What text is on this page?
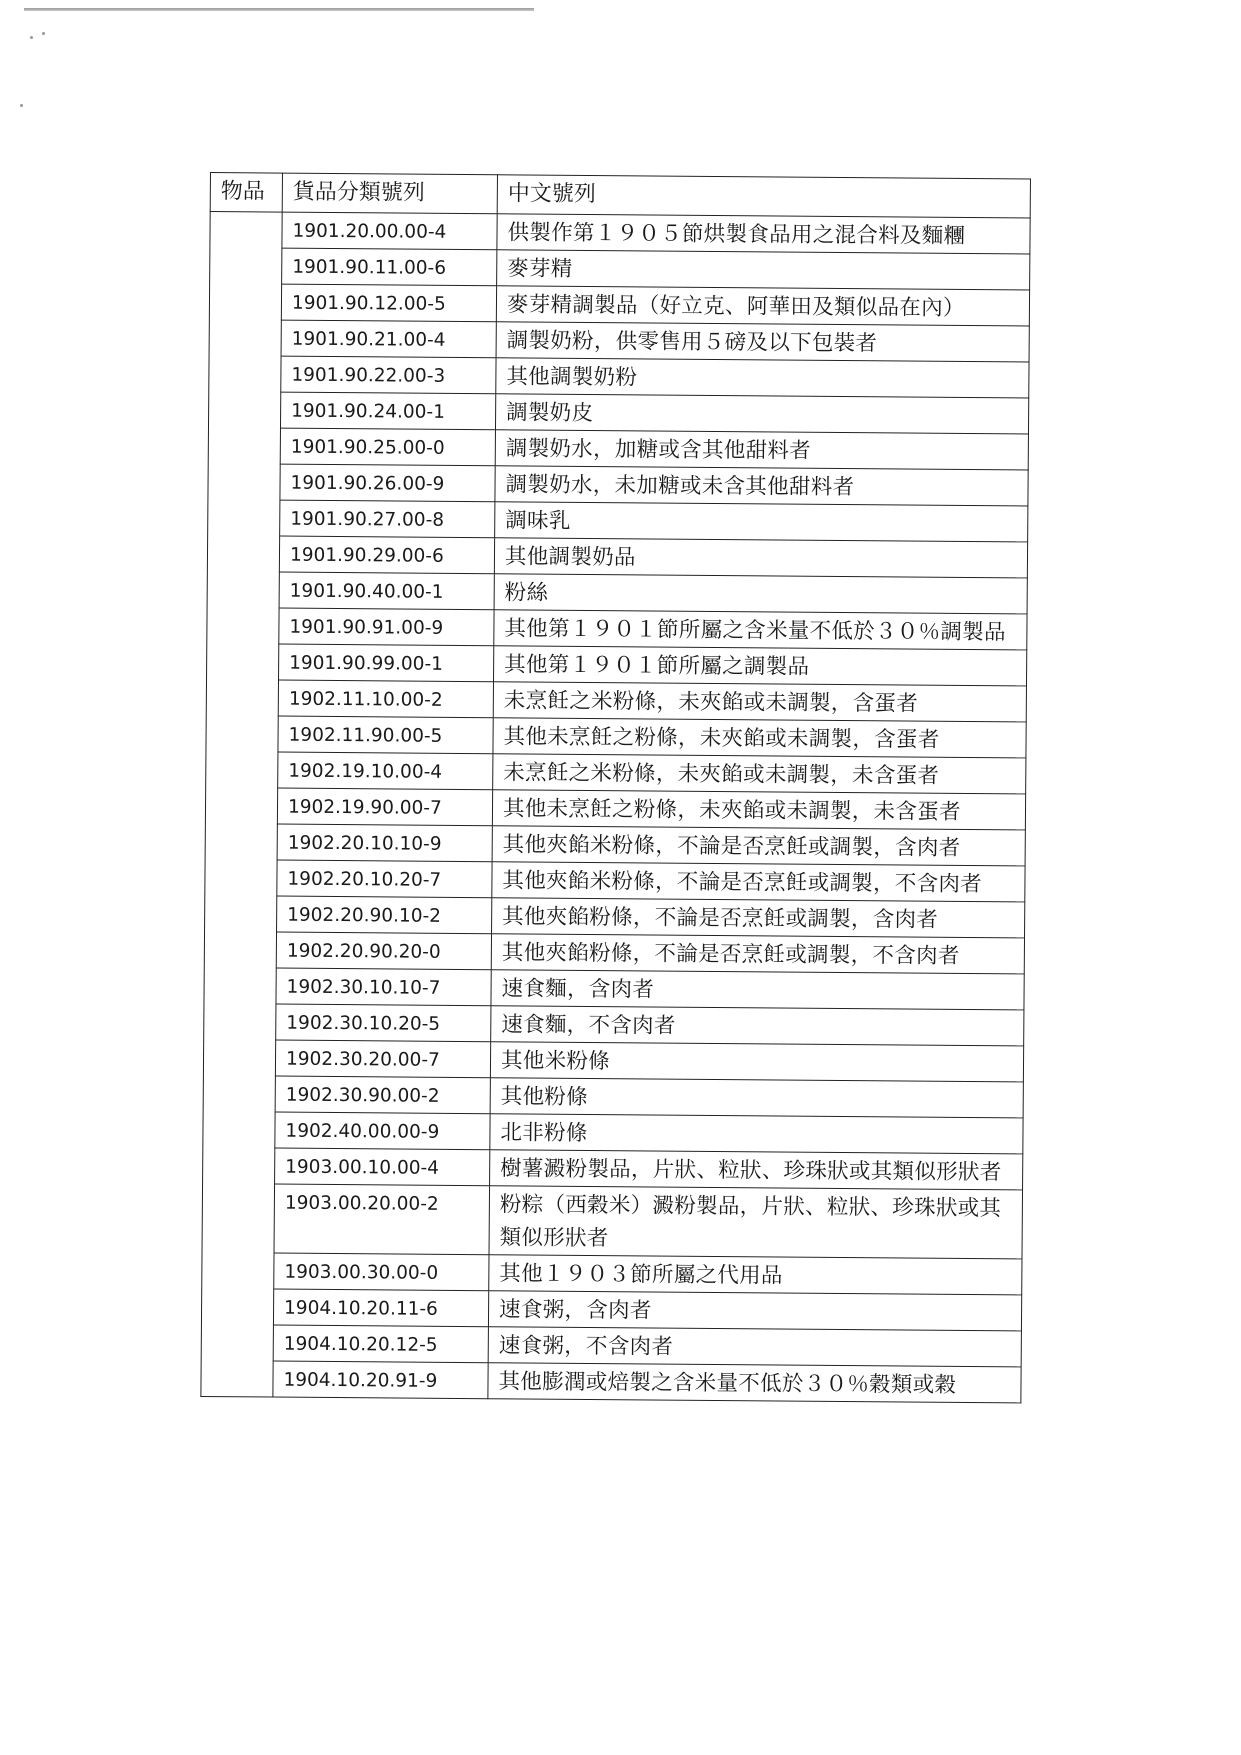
物品	貨品分類號列	中文號列
	1901.20.00.00-4	供製作第１９０５節烘製食品用之混合料及麵糰
	1901.90.11.00-6	麥芽精
	1901.90.12.00-5	麥芽精調製品（好立克、阿華田及類似品在內）
	1901.90.21.00-4	調製奶粉，供零售用５磅及以下包裝者
	1901.90.22.00-3	其他調製奶粉
	1901.90.24.00-1	調製奶皮
	1901.90.25.00-0	調製奶水，加糖或含其他甜料者
	1901.90.26.00-9	調製奶水，未加糖或未含其他甜料者
	1901.90.27.00-8	調味乳
	1901.90.29.00-6	其他調製奶品
	1901.90.40.00-1	粉絲
	1901.90.91.00-9	其他第１９０１節所屬之含米量不低於３０％調製品
	1901.90.99.00-1	其他第１９０１節所屬之調製品
	1902.11.10.00-2	未烹飪之米粉條，未夾餡或未調製，含蛋者
	1902.11.90.00-5	其他未烹飪之粉條，未夾餡或未調製，含蛋者
	1902.19.10.00-4	未烹飪之米粉條，未夾餡或未調製，未含蛋者
	1902.19.90.00-7	其他未烹飪之粉條，未夾餡或未調製，未含蛋者
	1902.20.10.10-9	其他夾餡米粉條，不論是否烹飪或調製，含肉者
	1902.20.10.20-7	其他夾餡米粉條，不論是否烹飪或調製，不含肉者
	1902.20.90.10-2	其他夾餡粉條，不論是否烹飪或調製，含肉者
	1902.20.90.20-0	其他夾餡粉條，不論是否烹飪或調製，不含肉者
	1902.30.10.10-7	速食麵，含肉者
	1902.30.10.20-5	速食麵，不含肉者
	1902.30.20.00-7	其他米粉條
	1902.30.90.00-2	其他粉條
	1902.40.00.00-9	北非粉條
	1903.00.10.00-4	樹薯澱粉製品，片狀、粒狀、珍珠狀或其類似形狀者
	1903.00.20.00-2	粉粽（西穀米）澱粉製品，片狀、粒狀、珍珠狀或其類似形狀者
	1903.00.30.00-0	其他１９０３節所屬之代用品
	1904.10.20.11-6	速食粥，含肉者
	1904.10.20.12-5	速食粥，不含肉者
	1904.10.20.91-9	其他膨潤或焙製之含米量不低於３０％穀類或穀
